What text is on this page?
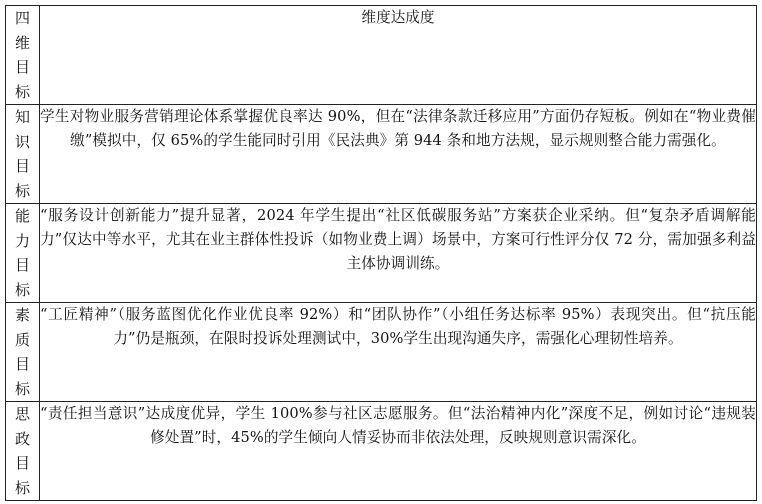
四
维
目
标	维度达成度

知
识
目
标	学生对物业服务营销理论体系掌握优良率达 90%，但在“法律条款迁移应用”方面仍存短板。例如在“物业费催缴”模拟中，仅 65%的学生能同时引用《民法典》第 944 条和地方法规，显示规则整合能力需强化。

能
力
目
标	“服务设计创新能力”提升显著，2024 年学生提出“社区低碳服务站”方案获企业采纳。但“复杂矛盾调解能力”仅达中等水平，尤其在业主群体性投诉（如物业费上调）场景中，方案可行性评分仅 72 分，需加强多利益主体协调训练。

素
质
目
标	“工匠精神”（服务蓝图优化作业优良率 92%）和“团队协作”（小组任务达标率 95%）表现突出。但“抗压能力”仍是瓶颈，在限时投诉处理测试中，30%学生出现沟通失序，需强化心理韧性培养。

思
政
目
标	“责任担当意识”达成度优异，学生 100%参与社区志愿服务。但“法治精神内化”深度不足，例如讨论“违规装修处置”时，45%的学生倾向人情妥协而非依法处理，反映规则意识需深化。
